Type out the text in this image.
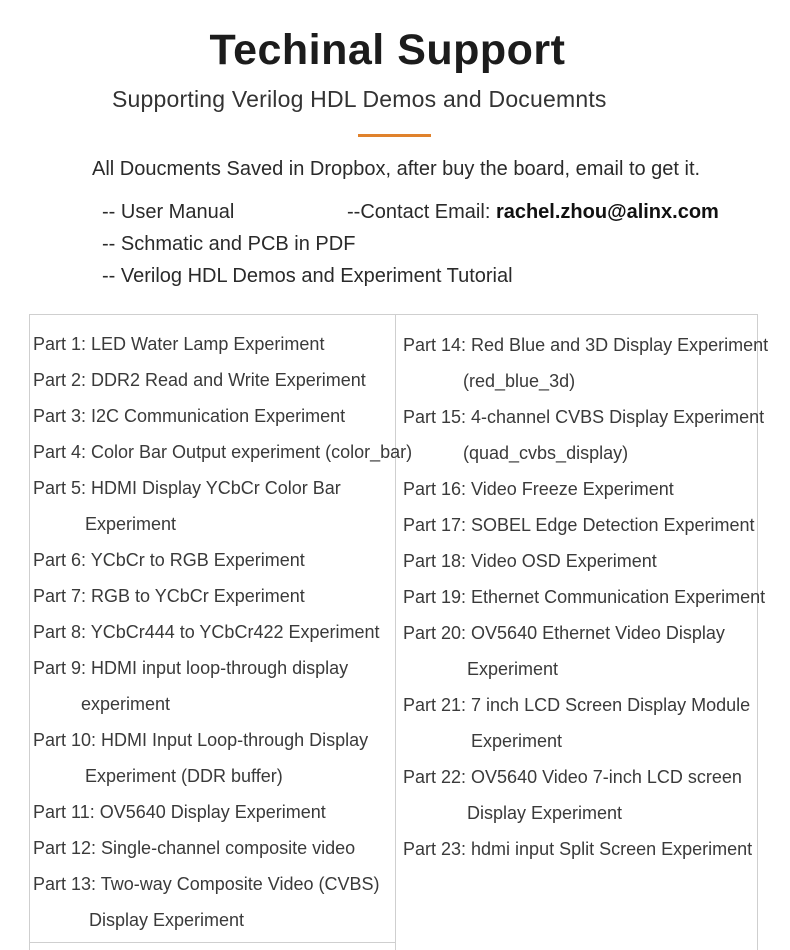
Techinal Support
Supporting Verilog HDL Demos and Docuemnts
All Doucments Saved in Dropbox, after buy the board, email to get it.
-- User Manual
-- Schmatic and PCB in PDF
-- Verilog HDL Demos and Experiment Tutorial
--Contact Email: rachel.zhou@alinx.com
Part 1: LED Water Lamp Experiment
Part 2: DDR2 Read and Write Experiment
Part 3: I2C Communication Experiment
Part 4: Color Bar Output experiment (color_bar)
Part 5: HDMI Display YCbCr Color Bar
Experiment
Part 6: YCbCr to RGB Experiment
Part 7: RGB to YCbCr Experiment
Part 8: YCbCr444 to YCbCr422 Experiment
Part 9: HDMI input loop-through display
experiment
Part 10: HDMI Input Loop-through Display
Experiment (DDR buffer)
Part 11: OV5640 Display Experiment
Part 12: Single-channel composite video
Part 13: Two-way Composite Video (CVBS)
Display Experiment
Part 14: Red Blue and 3D Display Experiment
(red_blue_3d)
Part 15: 4-channel CVBS Display Experiment
(quad_cvbs_display)
Part 16: Video Freeze Experiment
Part 17: SOBEL Edge Detection Experiment
Part 18: Video OSD Experiment
Part 19: Ethernet Communication Experiment
Part 20: OV5640 Ethernet Video Display
Experiment
Part 21: 7 inch LCD Screen Display Module
Experiment
Part 22: OV5640 Video 7-inch LCD screen
Display Experiment
Part 23: hdmi input Split Screen Experiment
